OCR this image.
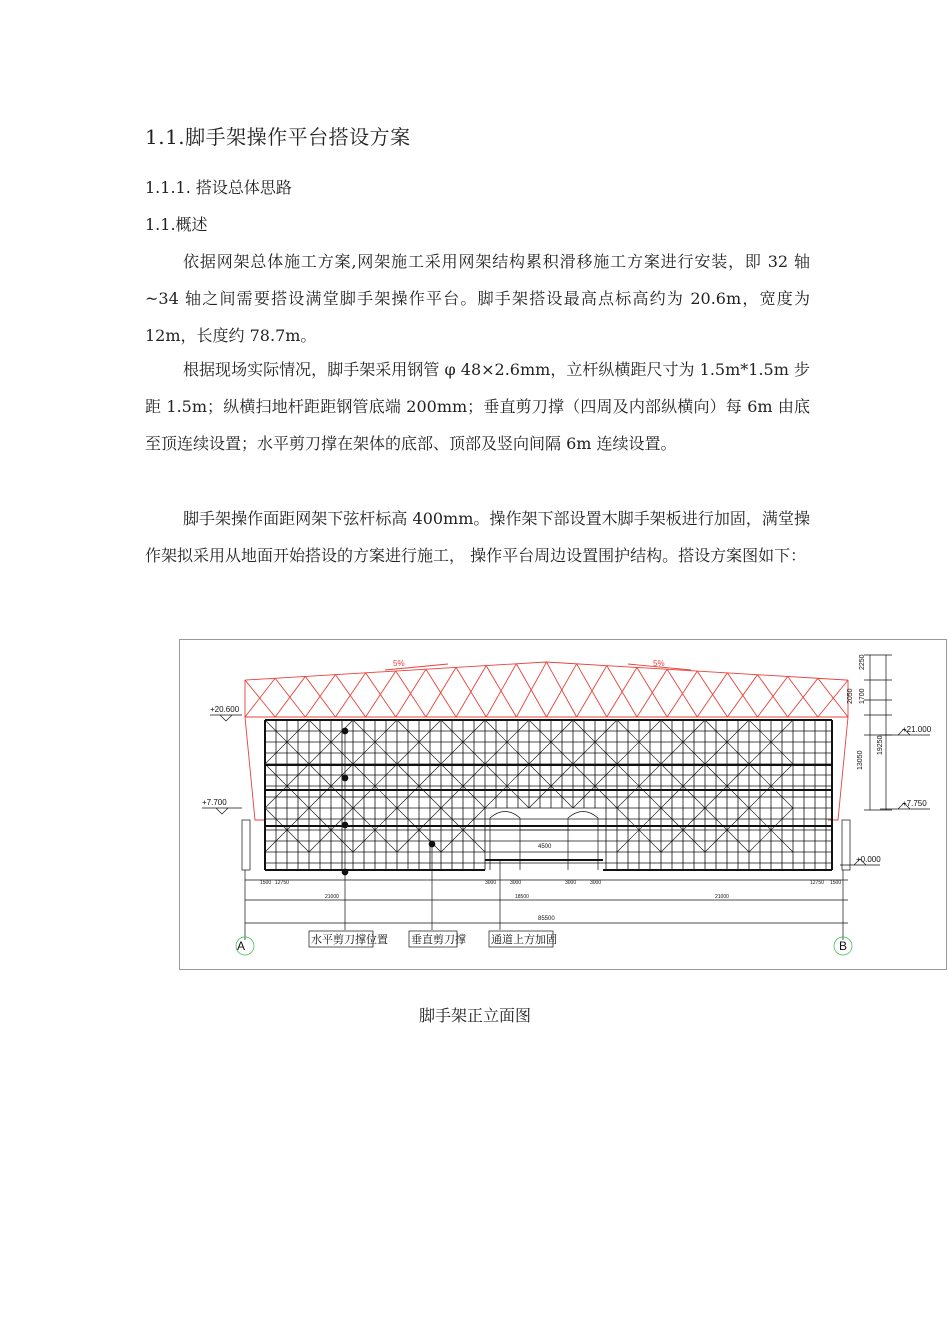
1.1.脚手架操作平台搭设方案
1.1.1. 搭设总体思路
1.1.概述

依据网架总体施工方案,网架施工采用网架结构累积滑移施工方案进行安装，即 32 轴~34 轴之间需要搭设满堂脚手架操作平台。脚手架搭设最高点标高约为 20.6m，宽度为 12m，长度约 78.7m。

根据现场实际情况，脚手架采用钢管 φ 48×2.6mm，立杆纵横距尺寸为 1.5m*1.5m 步距 1.5m；纵横扫地杆距距钢管底端 200mm；垂直剪刀撑（四周及内部纵横向）每 6m 由底至顶连续设置；水平剪刀撑在架体的底部、顶部及竖向间隔 6m 连续设置。

脚手架操作面距网架下弦杆标高 400mm。操作架下部设置木脚手架板进行加固，满堂操作架拟采用从地面开始搭设的方案进行施工， 操作平台周边设置围护结构。搭设方案图如下：

5%	5%
+20.600
+7.700
+21.000
+7.750
+0.000
2250
2050 1700
13050
19250
4500
85500
1500 12750
21000	18500
3000	3000	3000	3000
21000
12750 1500
水平剪刀撑位置 垂直剪刀撑 通道上方加固
A	B
脚手架正立面图
